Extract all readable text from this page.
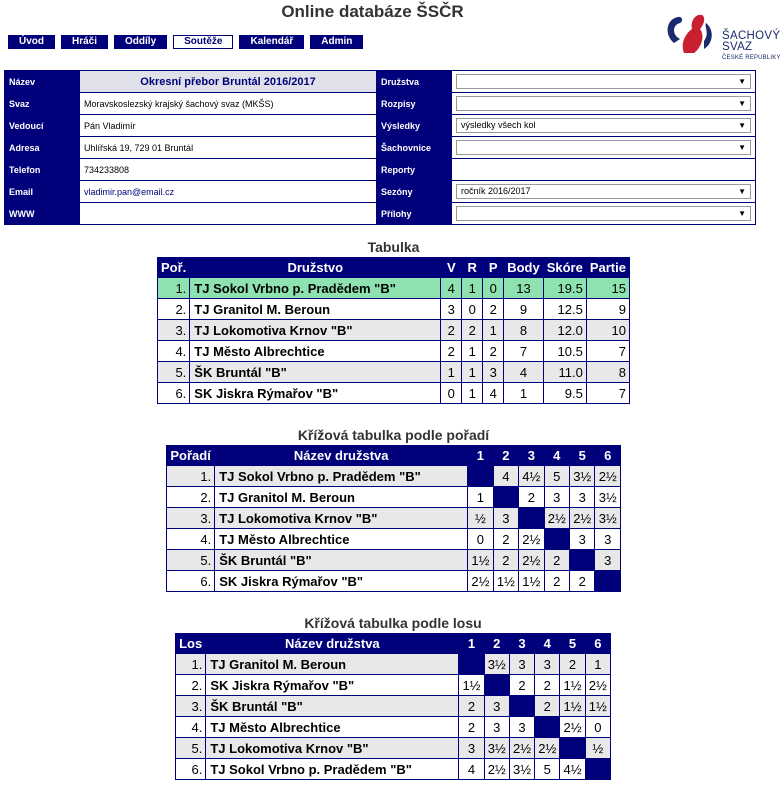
Online databáze ŠSČR
ŠACHOVÝ
SVAZ
ČESKÉ REPUBLIKY
Úvod	Hráči	Oddíly	Soutěže	Kalendář	Admin
Název	Okresní přebor Bruntál 2016/2017	Družstva	▼

Svaz	Moravskoslezský krajský šachový svaz (MKŠS)	Rozpisy	▼

Vedoucí	Pán Vladimír	Výsledky	výsledky všech kol ▼

Adresa	Uhlířská 19, 729 01 Bruntál	Šachovnice	▼

Telefon	734233808	Reporty	
Email	vladimir.pan@email.cz	Sezóny	ročník 2016/2017 ▼

WWW		Přílohy	▼
Tabulka
Poř.	Družstvo	V	R	P	Body	Skóre	Partie
1.	TJ Sokol Vrbno p. Pradědem "B"	4	1	0	13	19.5	15
2.	TJ Granitol M. Beroun	3	0	2	9	12.5	9
3.	TJ Lokomotiva Krnov "B"	2	2	1	8	12.0	10
4.	TJ Město Albrechtice	2	1	2	7	10.5	7
5.	ŠK Bruntál "B"	1	1	3	4	11.0	8
6.	SK Jiskra Rýmařov "B"	0	1	4	1	9.5	7
Křížová tabulka podle pořadí
Pořadí	Název družstva	1	2	3	4	5	6
1.	TJ Sokol Vrbno p. Pradědem "B"		4	4½	5	3½	2½
2.	TJ Granitol M. Beroun	1		2	3	3	3½
3.	TJ Lokomotiva Krnov "B"	½	3		2½	2½	3½
4.	TJ Město Albrechtice	0	2	2½		3	3
5.	ŠK Bruntál "B"	1½	2	2½	2		3
6.	SK Jiskra Rýmařov "B"	2½	1½	1½	2	2	
Křížová tabulka podle losu
Los	Název družstva	1	2	3	4	5	6
1.	TJ Granitol M. Beroun		3½	3	3	2	1
2.	SK Jiskra Rýmařov "B"	1½		2	2	1½	2½
3.	ŠK Bruntál "B"	2	3		2	1½	1½
4.	TJ Město Albrechtice	2	3	3		2½	0
5.	TJ Lokomotiva Krnov "B"	3	3½	2½	2½		½
6.	TJ Sokol Vrbno p. Pradědem "B"	4	2½	3½	5	4½	
